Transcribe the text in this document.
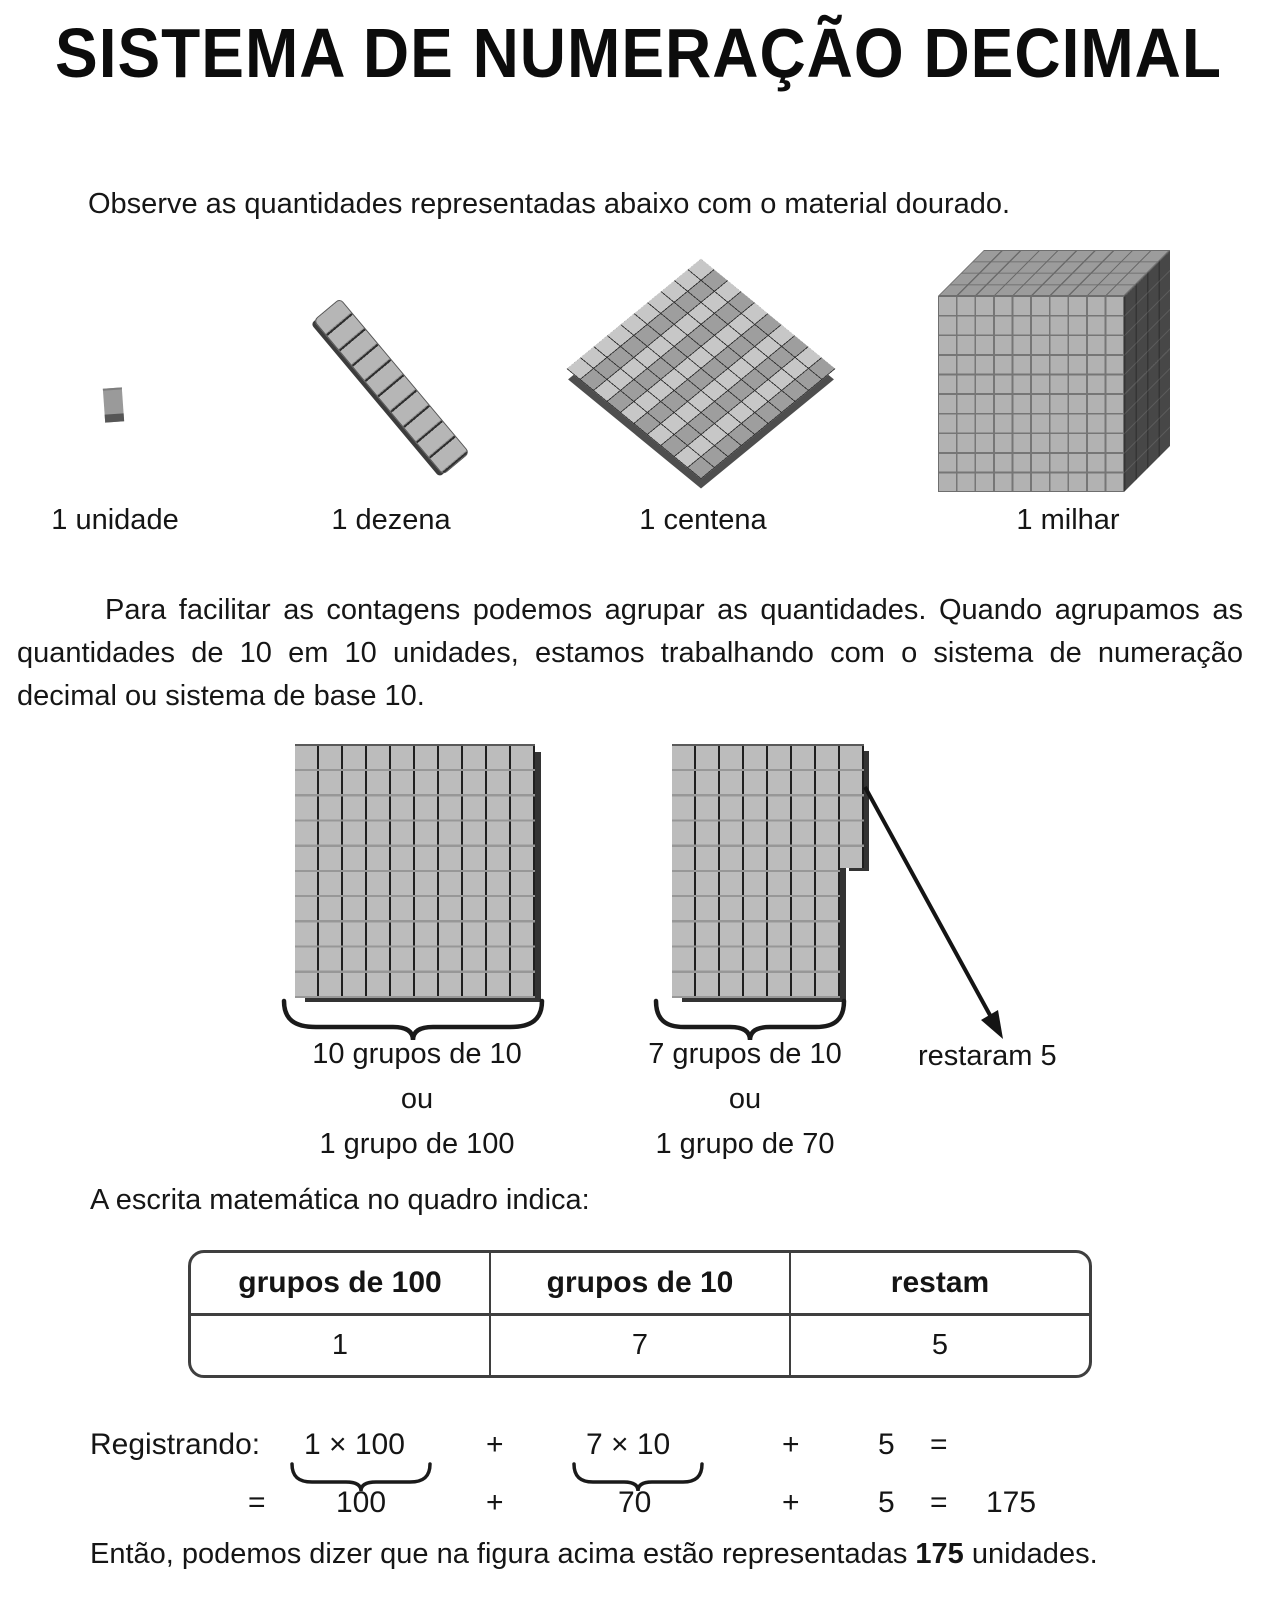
SISTEMA DE NUMERAÇÃO DECIMAL
Observe as quantidades representadas abaixo com o material dourado.
1 unidade	1 dezena	1 centena	1 milhar
Para facilitar as contagens podemos agrupar as quantidades. Quando agrupamos as
quantidades de 10 em 10 unidades, estamos trabalhando com o sistema de numeração
decimal ou sistema de base 10.
10 grupos de 10
ou
1 grupo de 100
7 grupos de 10
ou
1 grupo de 70
restaram 5
A escrita matemática no quadro indica:
grupos de 100	grupos de 10	restam
1	7	5
Registrando: 1 × 100	+	7 × 10	+	5 =
= 100	+	70	+	5 = 175
Então, podemos dizer que na figura acima estão representadas 175 unidades.
